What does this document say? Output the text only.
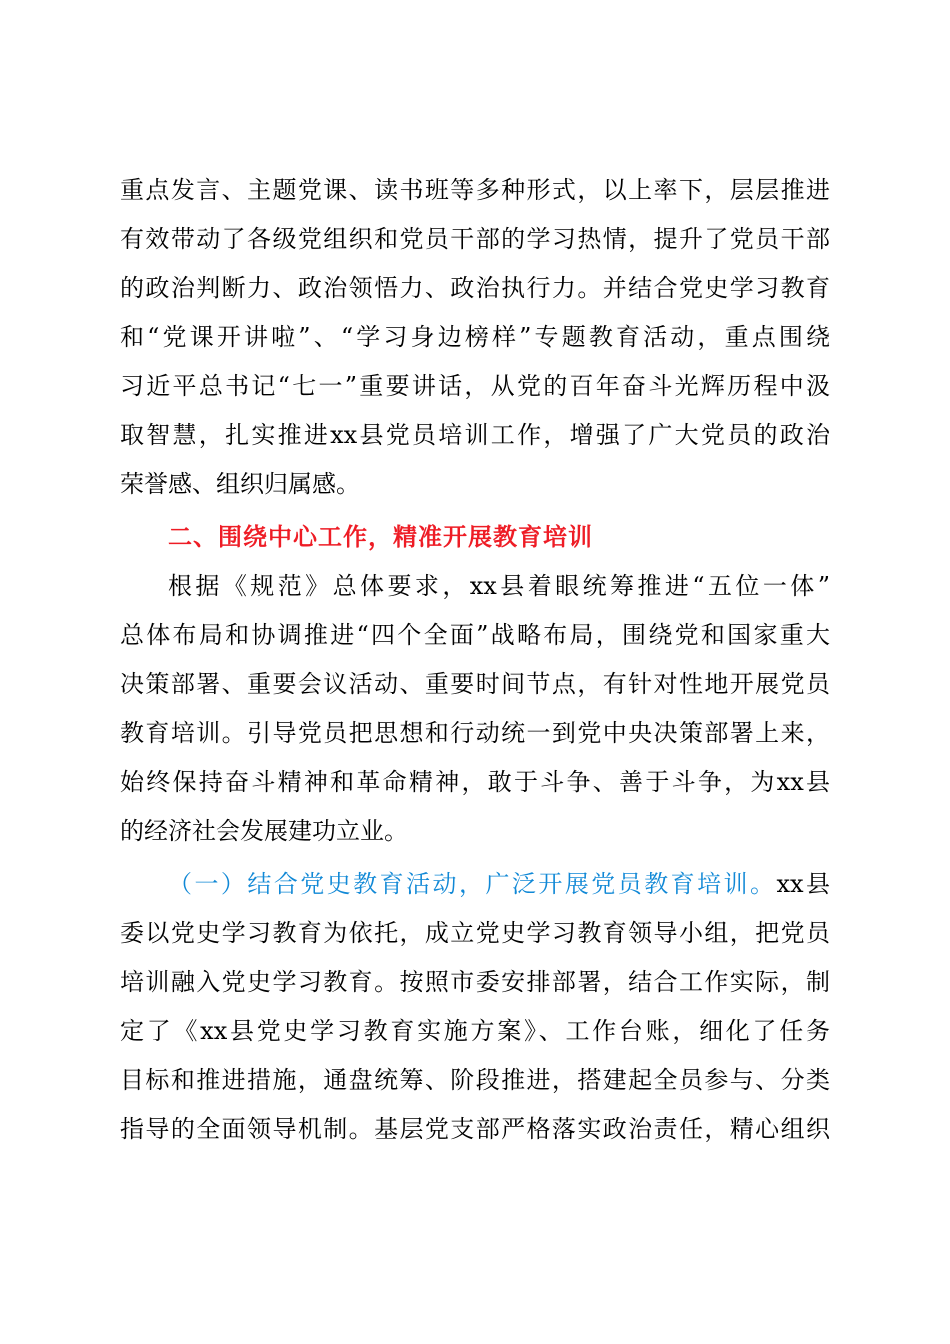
重点发言、主题党课、读书班等多种形式，以上率下，层层推进
有效带动了各级党组织和党员干部的学习热情，提升了党员干部
的政治判断力、政治领悟力、政治执行力。并结合党史学习教育
和“党课开讲啦”、“学习身边榜样”专题教育活动，重点围绕
习近平总书记“七一”重要讲话，从党的百年奋斗光辉历程中汲
取智慧，扎实推进xx县党员培训工作，增强了广大党员的政治
荣誉感、组织归属感。
二、围绕中心工作，精准开展教育培训
根据《规范》总体要求，xx县着眼统筹推进“五位一体”
总体布局和协调推进“四个全面”战略布局，围绕党和国家重大
决策部署、重要会议活动、重要时间节点，有针对性地开展党员
教育培训。引导党员把思想和行动统一到党中央决策部署上来，
始终保持奋斗精神和革命精神，敢于斗争、善于斗争，为xx县
的经济社会发展建功立业。
（一）结合党史教育活动，广泛开展党员教育培训。xx县
委以党史学习教育为依托，成立党史学习教育领导小组，把党员
培训融入党史学习教育。按照市委安排部署，结合工作实际，制
定了《xx县党史学习教育实施方案》、工作台账，细化了任务
目标和推进措施，通盘统筹、阶段推进，搭建起全员参与、分类
指导的全面领导机制。基层党支部严格落实政治责任，精心组织
